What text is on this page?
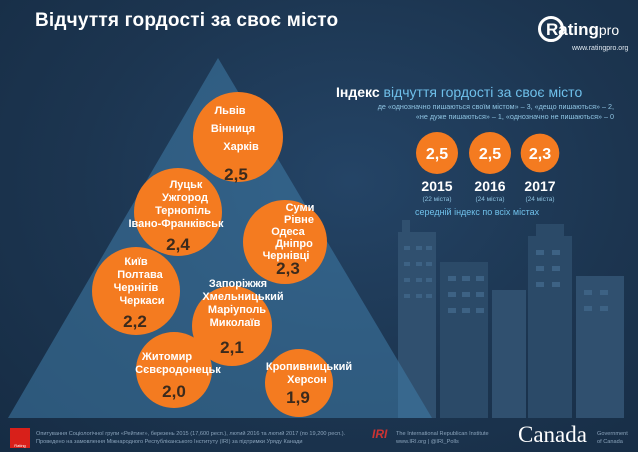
Відчуття гордості за своє місто	Ratingpro
www.ratingpro.org
Львів
Вінниця
Харків
2,5
Луцьк
Ужгород
Тернопіль
Івано-Франківськ
2,4
Суми
Рівне
Одеса
Дніпро
Чернівці
2,3
Київ
Полтава
Чернігів
Черкаси
2,2
Запоріжжя
Хмельницький
Маріуполь
Миколаїв
2,1
Житомир
Сєвєродонецьк
2,0
Кропивницький
Херсон
1,9
2,5
2015
(22 міста)
2,5
2016
(24 міста)
2,3
2017
(24 міста)
Індекс відчуття гордості за своє місто
де «однозначно пишаються своїм містом» – 3, «дещо пишаються» – 2,
«не дуже пишаються» – 1, «однозначно не пишаються» – 0
середній індекс по всіх містах
Rating
Опитування Соціологічної групи «Рейтинг», березень 2015 (17,600 респ.), лютий 2016 та лютий 2017 (по 19,200 респ.).
Проведено на замовлення Міжнародного Республіканського Інституту (IRI) за підтримки Уряду Канади
IRI	The International Republican Institute
www.IRI.org | @IRI_Polls	Canada Government
of Canada
